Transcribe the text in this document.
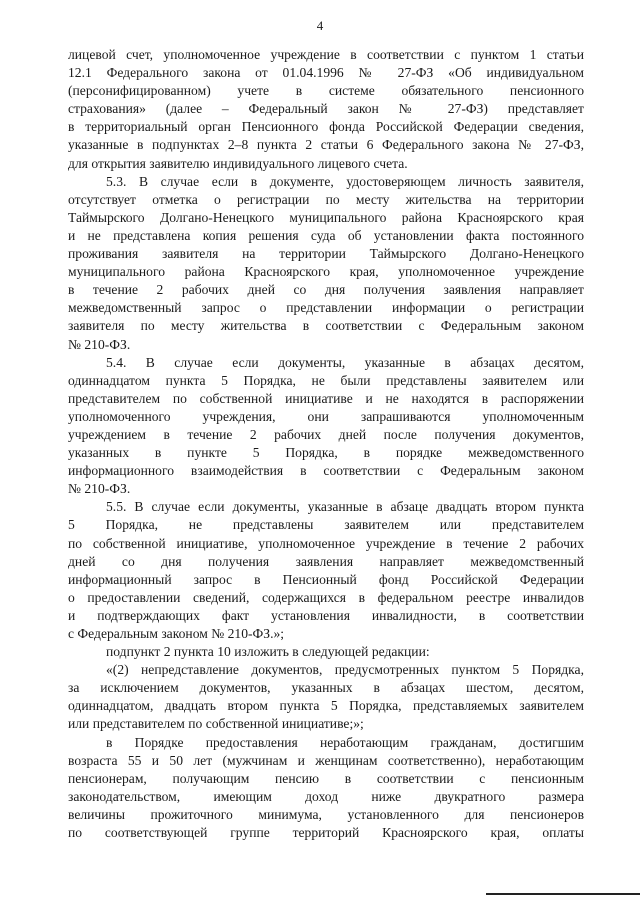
4
лицевой счет, уполномоченное учреждение в соответствии с пунктом 1 статьи
12.1 Федерального закона от 01.04.1996 № 27-ФЗ «Об индивидуальном
(персонифицированном) учете в системе обязательного пенсионного
страхования» (далее – Федеральный закон № 27-ФЗ) представляет
в территориальный орган Пенсионного фонда Российской Федерации сведения,
указанные в подпунктах 2–8 пункта 2 статьи 6 Федерального закона № 27-ФЗ,
для открытия заявителю индивидуального лицевого счета.
5.3. В случае если в документе, удостоверяющем личность заявителя,
отсутствует отметка о регистрации по месту жительства на территории
Таймырского Долгано-Ненецкого муниципального района Красноярского края
и не представлена копия решения суда об установлении факта постоянного
проживания заявителя на территории Таймырского Долгано-Ненецкого
муниципального района Красноярского края, уполномоченное учреждение
в течение 2 рабочих дней со дня получения заявления направляет
межведомственный запрос о представлении информации о регистрации
заявителя по месту жительства в соответствии с Федеральным законом
№ 210-ФЗ.
5.4. В случае если документы, указанные в абзацах десятом,
одиннадцатом пункта 5 Порядка, не были представлены заявителем или
представителем по собственной инициативе и не находятся в распоряжении
уполномоченного учреждения, они запрашиваются уполномоченным
учреждением в течение 2 рабочих дней после получения документов,
указанных в пункте 5 Порядка, в порядке межведомственного
информационного взаимодействия в соответствии с Федеральным законом
№ 210-ФЗ.
5.5. В случае если документы, указанные в абзаце двадцать втором пункта
5 Порядка, не представлены заявителем или представителем
по собственной инициативе, уполномоченное учреждение в течение 2 рабочих
дней со дня получения заявления направляет межведомственный
информационный запрос в Пенсионный фонд Российской Федерации
о предоставлении сведений, содержащихся в федеральном реестре инвалидов
и подтверждающих факт установления инвалидности, в соответствии
с Федеральным законом № 210-ФЗ.»;
подпункт 2 пункта 10 изложить в следующей редакции:
«(2) непредставление документов, предусмотренных пунктом 5 Порядка,
за исключением документов, указанных в абзацах шестом, десятом,
одиннадцатом, двадцать втором пункта 5 Порядка, представляемых заявителем
или представителем по собственной инициативе;»;
в Порядке предоставления неработающим гражданам, достигшим
возраста 55 и 50 лет (мужчинам и женщинам соответственно), неработающим
пенсионерам, получающим пенсию в соответствии с пенсионным
законодательством, имеющим доход ниже двукратного размера
величины прожиточного минимума, установленного для пенсионеров
по соответствующей группе территорий Красноярского края, оплаты
